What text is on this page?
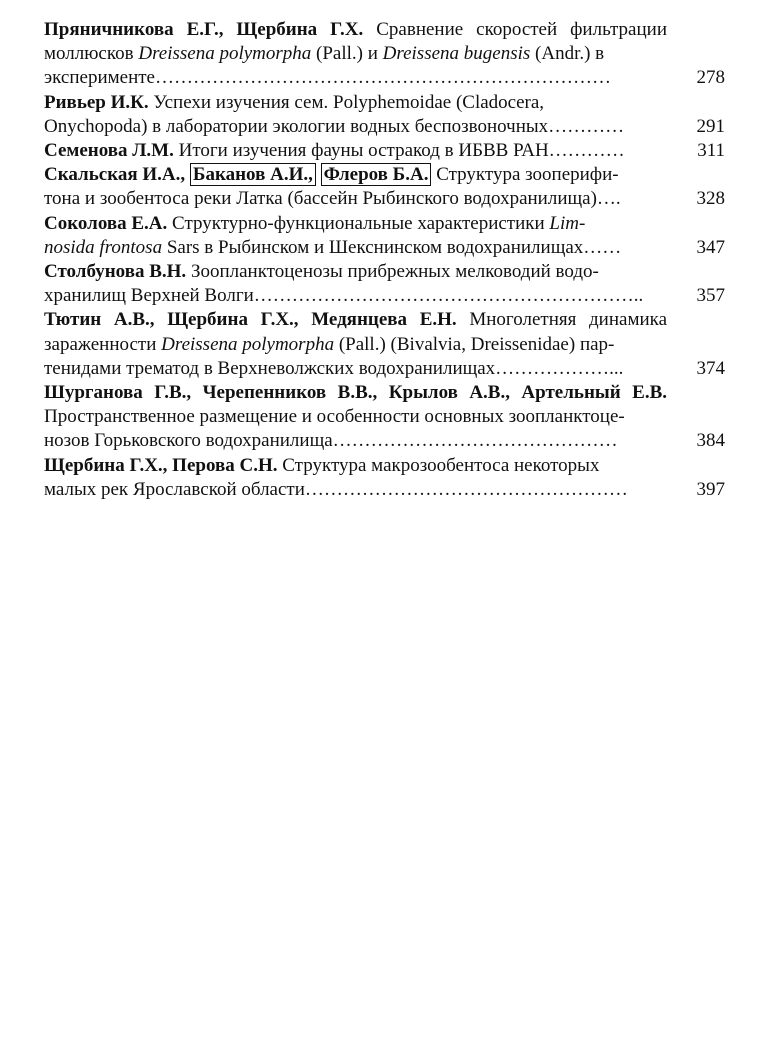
Пряничникова Е.Г., Щербина Г.Х. Сравнение скоростей фильтрации моллюсков Dreissena polymorpha (Pall.) и Dreissena bugensis (Andr.) в
эксперименте………………………………………………………………	278
Ривьер И.К. Успехи изучения сем. Polyphemoidae (Cladocera,
Onychopoda) в лаборатории экологии водных беспозвоночных…………	291
Семенова Л.М. Итоги изучения фауны остракод в ИБВВ РАН…………	311
Скальская И.А., Баканов А.И., Флеров Б.А. Структура зооперифи-
тона и зообентоса реки Латка (бассейн Рыбинского водохранилища)….	328
Соколова Е.А. Структурно-функциональные характеристики Lim-
nosida frontosa Sars в Рыбинском и Шекснинском водохранилищах……	347
Столбунова В.Н. Зоопланктоценозы прибрежных мелководий водо-
хранилищ Верхней Волги……………………………………………………..	357
Тютин А.В., Щербина Г.Х., Медянцева Е.Н. Многолетняя динамика зараженности Dreissena polymorpha (Pall.) (Bivalvia, Dreissenidae) пар-
тенидами трематод в Верхневолжских водохранилищах………………...	374
Шурганова Г.В., Черепенников В.В., Крылов А.В., Артельный Е.В. Пространственное размещение и особенности основных зоопланктоце-
нозов Горьковского водохранилища………………………………………	384
Щербина Г.Х., Перова С.Н. Структура макрозообентоса некоторых
малых рек Ярославской области……………………………………………	397
